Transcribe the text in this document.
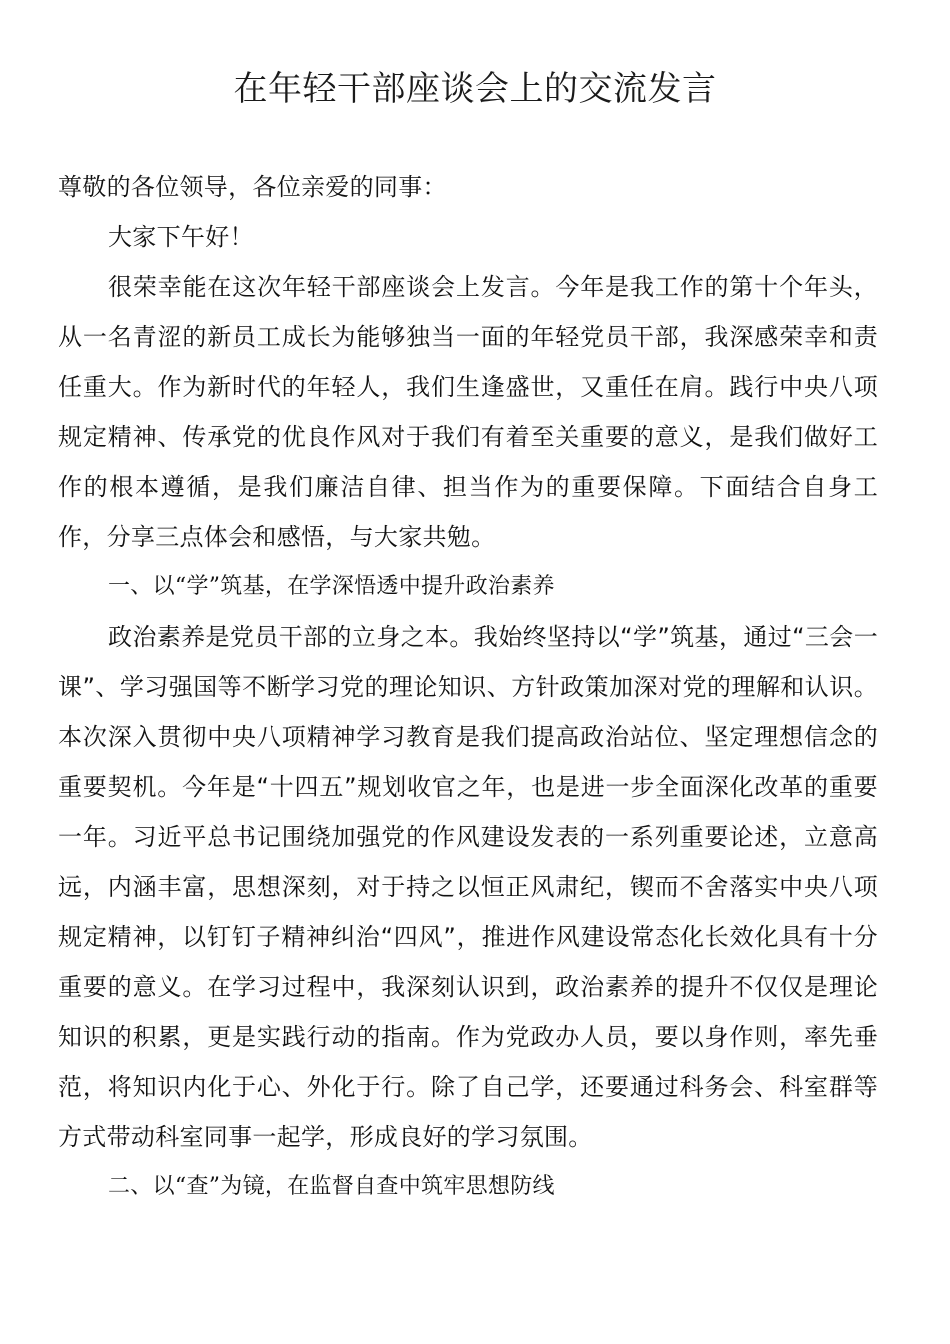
在年轻干部座谈会上的交流发言

尊敬的各位领导，各位亲爱的同事：

大家下午好！

很荣幸能在这次年轻干部座谈会上发言。今年是我工作的第十个年头，从一名青涩的新员工成长为能够独当一面的年轻党员干部，我深感荣幸和责任重大。作为新时代的年轻人，我们生逢盛世，又重任在肩。践行中央八项规定精神、传承党的优良作风对于我们有着至关重要的意义，是我们做好工作的根本遵循，是我们廉洁自律、担当作为的重要保障。下面结合自身工作，分享三点体会和感悟，与大家共勉。

一、以“学”筑基，在学深悟透中提升政治素养

政治素养是党员干部的立身之本。我始终坚持以“学”筑基，通过“三会一课”、学习强国等不断学习党的理论知识、方针政策加深对党的理解和认识。本次深入贯彻中央八项精神学习教育是我们提高政治站位、坚定理想信念的重要契机。今年是“十四五”规划收官之年，也是进一步全面深化改革的重要一年。习近平总书记围绕加强党的作风建设发表的一系列重要论述，立意高远，内涵丰富，思想深刻，对于持之以恒正风肃纪，锲而不舍落实中央八项规定精神，以钉钉子精神纠治“四风”，推进作风建设常态化长效化具有十分重要的意义。在学习过程中，我深刻认识到，政治素养的提升不仅仅是理论知识的积累，更是实践行动的指南。作为党政办人员，要以身作则，率先垂范，将知识内化于心、外化于行。除了自己学，还要通过科务会、科室群等方式带动科室同事一起学，形成良好的学习氛围。

二、以“查”为镜，在监督自查中筑牢思想防线
